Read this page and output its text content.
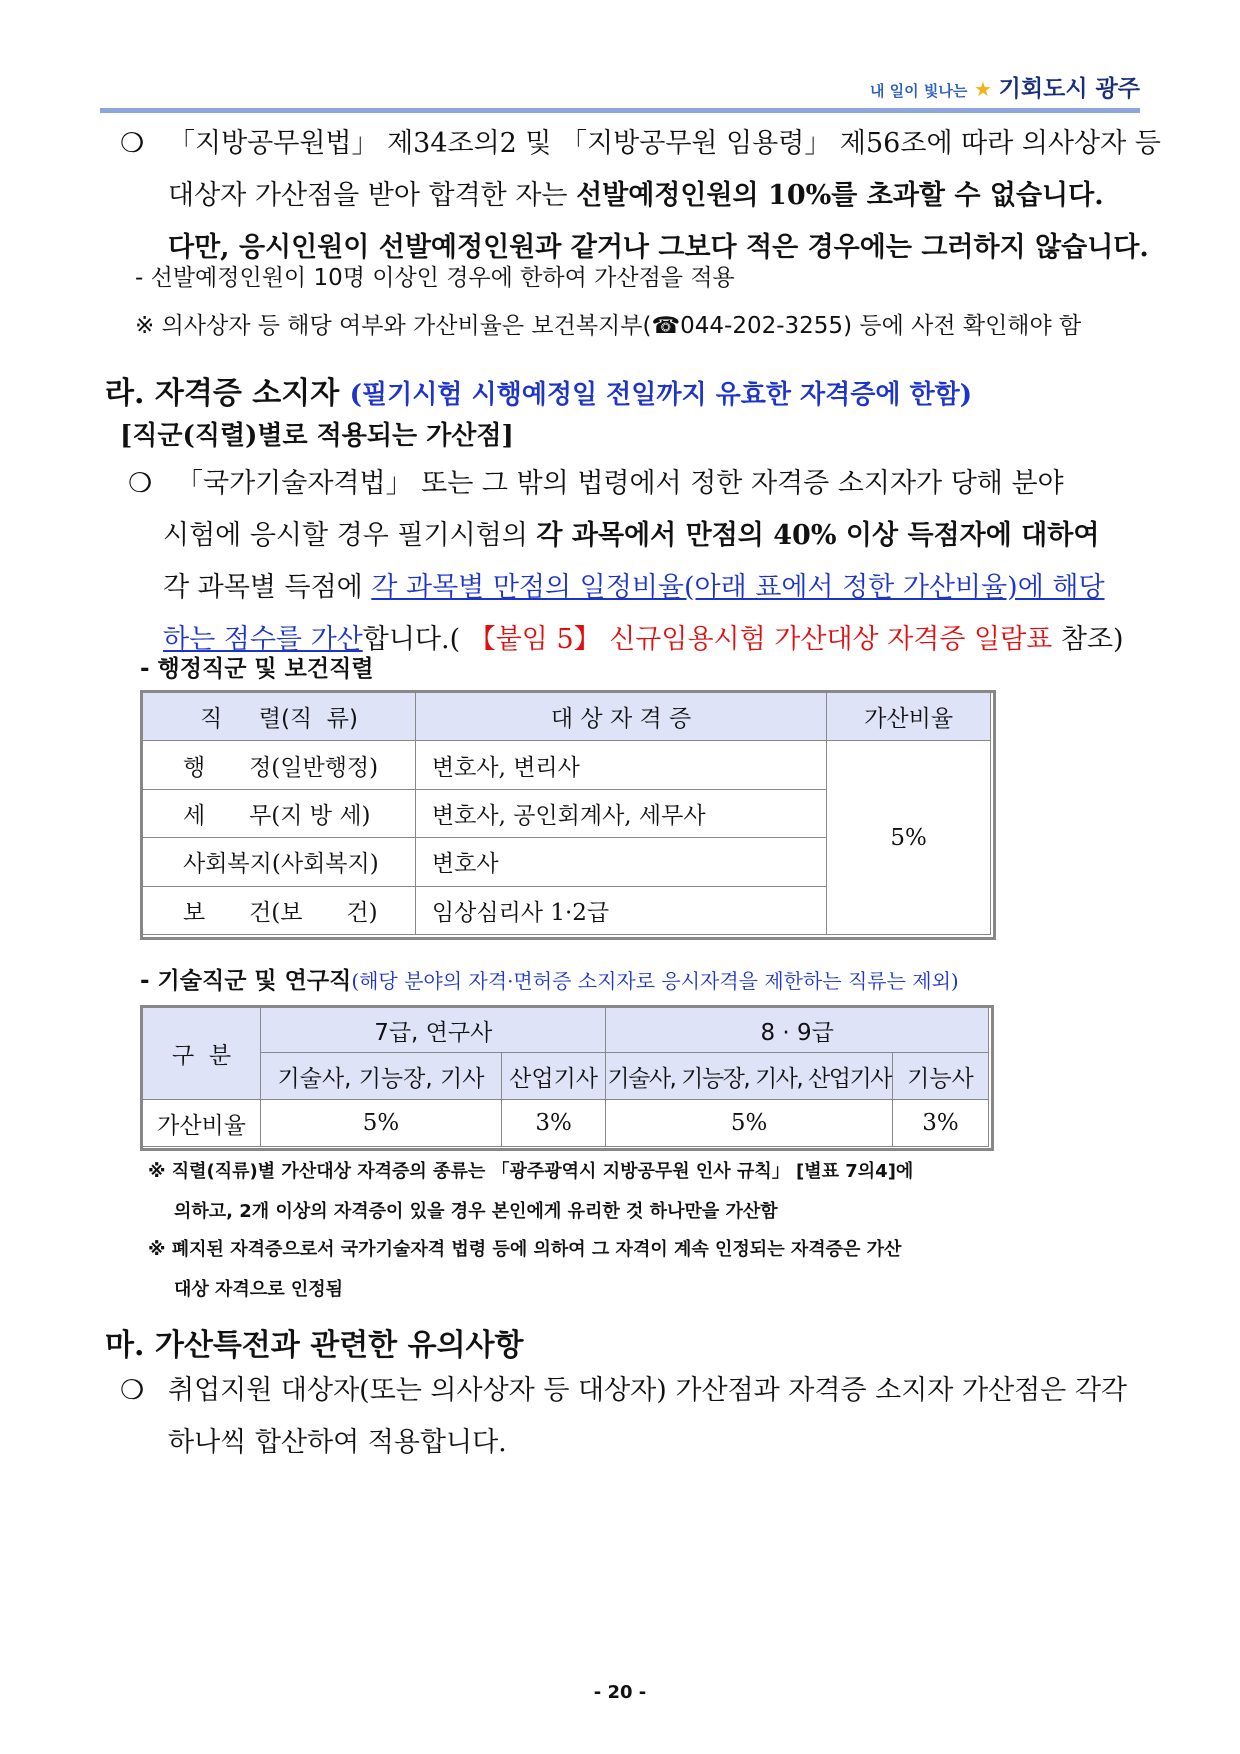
내 일이 빛나는 ★ 기회도시 광주
❍ 「지방공무원법」 제34조의2 및 「지방공무원 임용령」 제56조에 따라 의사상자 등
대상자 가산점을 받아 합격한 자는 선발예정인원의 10%를 초과할 수 없습니다.
다만, 응시인원이 선발예정인원과 같거나 그보다 적은 경우에는 그러하지 않습니다.
- 선발예정인원이 10명 이상인 경우에 한하여 가산점을 적용
※ 의사상자 등 해당 여부와 가산비율은 보건복지부(☎044-202-3255) 등에 사전 확인해야 함
라. 자격증 소지자 (필기시험 시행예정일 전일까지 유효한 자격증에 한함)
[직군(직렬)별로 적용되는 가산점]
❍ 「국가기술자격법」 또는 그 밖의 법령에서 정한 자격증 소지자가 당해 분야
시험에 응시할 경우 필기시험의 각 과목에서 만점의 40% 이상 득점자에 대하여
각 과목별 득점에 각 과목별 만점의 일정비율(아래 표에서 정한 가산비율)에 해당
하는 점수를 가산합니다.( 【붙임 5】 신규임용시험 가산대상 자격증 일람표 참조)
- 행정직군 및 보건직렬
직     렬(직  류)	대 상 자 격 증	가산비율
행      정(일반행정)	변호사, 변리사	5%
세      무(지 방 세)	변호사, 공인회계사, 세무사	
사회복지(사회복지)	변호사	
보      건(보      건)	임상심리사 1·2급	
- 기술직군 및 연구직(해당 분야의 자격·면허증 소지자로 응시자격을 제한하는 직류는 제외)
구  분	7급, 연구사		8 · 9급	
	기술사, 기능장, 기사	산업기사	기술사, 기능장, 기사, 산업기사	기능사
가산비율	5%	3%	5%	3%
※ 직렬(직류)별 가산대상 자격증의 종류는 「광주광역시 지방공무원 인사 규칙」 [별표 7의4]에
의하고, 2개 이상의 자격증이 있을 경우 본인에게 유리한 것 하나만을 가산함
※ 폐지된 자격증으로서 국가기술자격 법령 등에 의하여 그 자격이 계속 인정되는 자격증은 가산
대상 자격으로 인정됨
마. 가산특전과 관련한 유의사항
❍ 취업지원 대상자(또는 의사상자 등 대상자) 가산점과 자격증 소지자 가산점은 각각
하나씩 합산하여 적용합니다.
- 20 -
